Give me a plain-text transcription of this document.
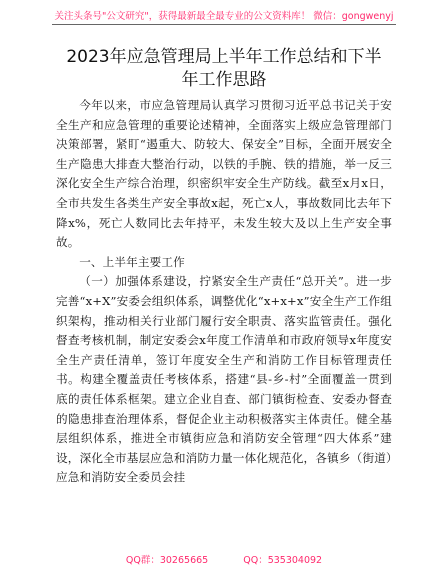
关注头条号"公文研究"，获得最新最全最专业的公文资料库！ 微信：gongwenyj
2023年应急管理局上半年工作总结和下半年工作思路

今年以来，市应急管理局认真学习贯彻习近平总书记关于安全生产和应急管理的重要论述精神，全面落实上级应急管理部门决策部署，紧盯“遏重大、防较大、保安全”目标，全面开展安全生产隐患大排查大整治行动，以铁的手腕、铁的措施，举一反三深化安全生产综合治理，织密织牢安全生产防线。截至x月x日，全市共发生各类生产安全事故x起，死亡x人，事故数同比去年下降x%，死亡人数同比去年持平，未发生较大及以上生产安全事故。

一、上半年主要工作

（一）加强体系建设，拧紧安全生产责任“总开关”。进一步完善“x+X”安委会组织体系，调整优化“x+x+x”安全生产工作组织架构，推动相关行业部门履行安全职责、落实监管责任。强化督查考核机制，制定安委会x年度工作清单和市政府领导x年度安全生产责任清单，签订年度安全生产和消防工作目标管理责任书。构建全覆盖责任考核体系，搭建“县-乡-村”全面覆盖一贯到底的责任体系框架。建立企业自查、部门镇街检查、安委办督查的隐患排查治理体系，督促企业主动积极落实主体责任。健全基层组织体系，推进全市镇街应急和消防安全管理“四大体系”建设，深化全市基层应急和消防力量一体化规范化，各镇乡（街道）应急和消防安全委员会挂

QQ群：30265665	QQ：535304092
